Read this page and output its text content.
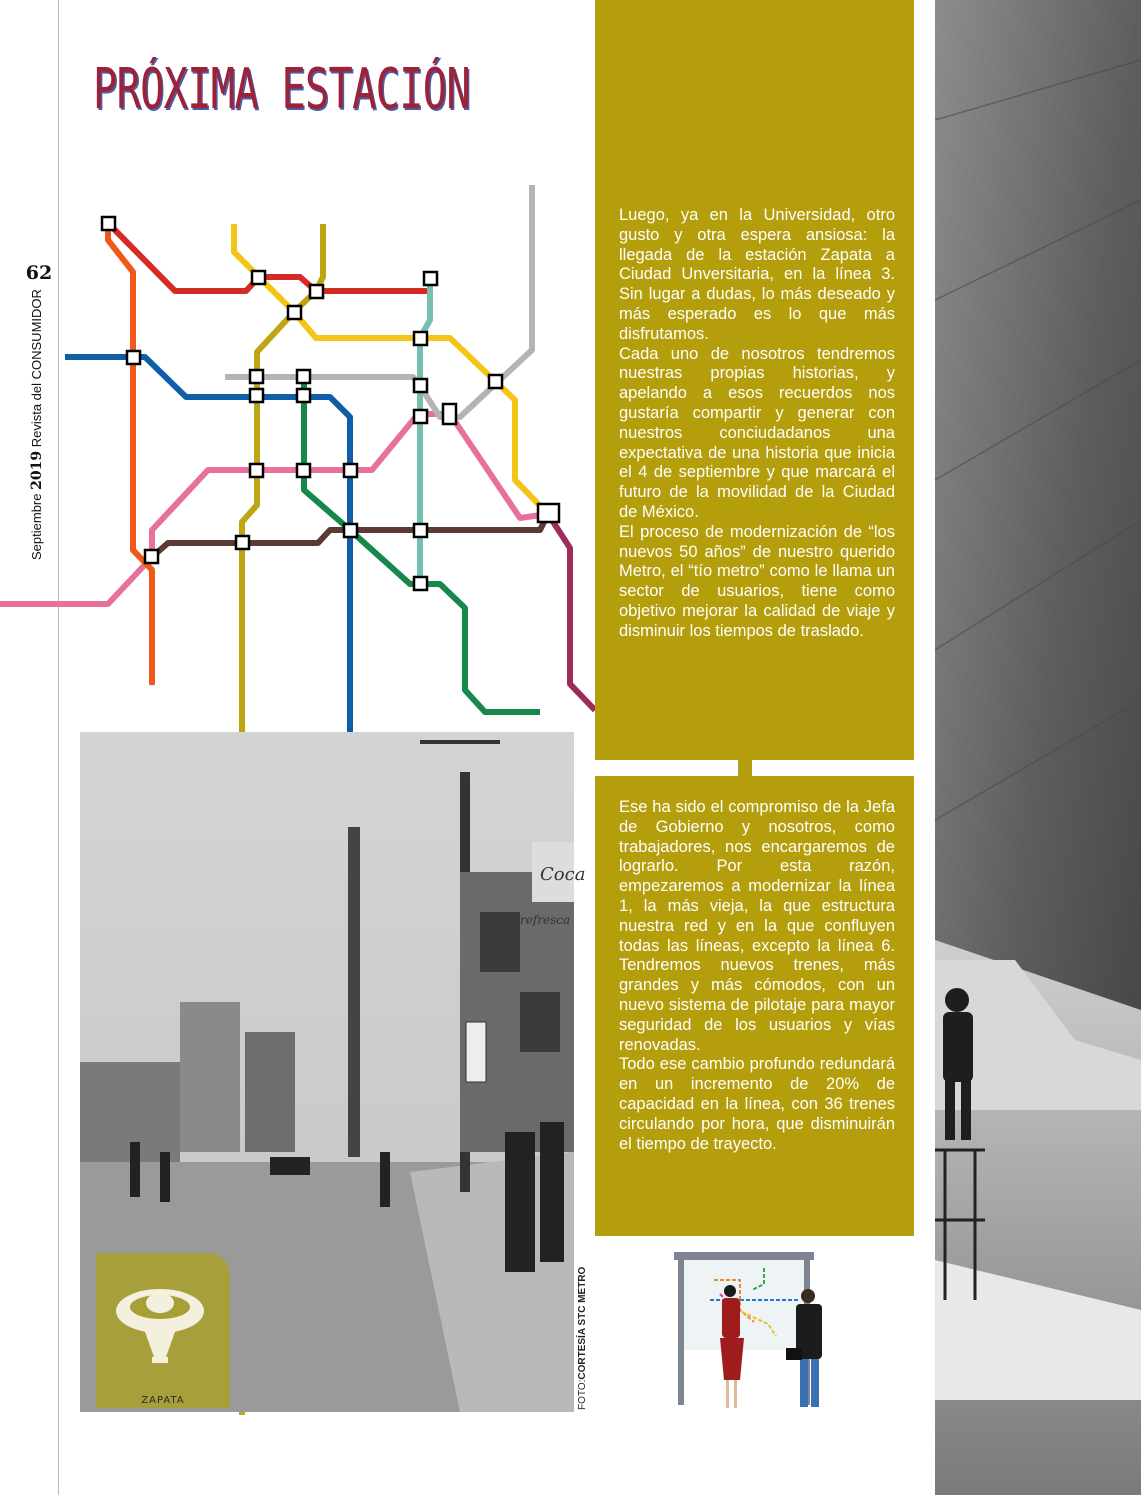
62
Septiembre 2019 Revista del CONSUMIDOR
PRÓXIMA ESTACIÓN
Coca
refresca
ZAPATA	FOTO:CORTESÍA STC METRO

Luego, ya en la Universidad, otro gusto y otra espera ansiosa: la llegada de la estación Zapata a Ciudad Unversitaria, en la línea 3. Sin lugar a dudas, lo más deseado y más esperado es lo que más disfrutamos.

Cada uno de nosotros tendremos nuestras propias historias, y apelando a esos recuerdos nos gustaría compartir y generar con nuestros conciudadanos una expectativa de una historia que inicia el 4 de septiembre y que marcará el futuro de la movilidad de la Ciudad de México.

El proceso de modernización de “los nuevos 50 años” de nuestro querido Metro, el “tío metro” como le llama un sector de usuarios, tiene como objetivo mejorar la calidad de viaje y disminuir los tiempos de traslado.

Ese ha sido el compromiso de la Jefa de Gobierno y nosotros, como trabajadores, nos encargaremos de lograrlo. Por esta razón, empezaremos a modernizar la línea 1, la más vieja, la que estructura nuestra red y en la que confluyen todas las líneas, excepto la línea 6. Tendremos nuevos trenes, más grandes y más cómodos, con un nuevo sistema de pilotaje para mayor seguridad de los usuarios y vías renovadas.

Todo ese cambio profundo redundará en un incremento de 20% de capacidad en la línea, con 36 trenes circulando por hora, que disminuirán el tiempo de trayecto.
